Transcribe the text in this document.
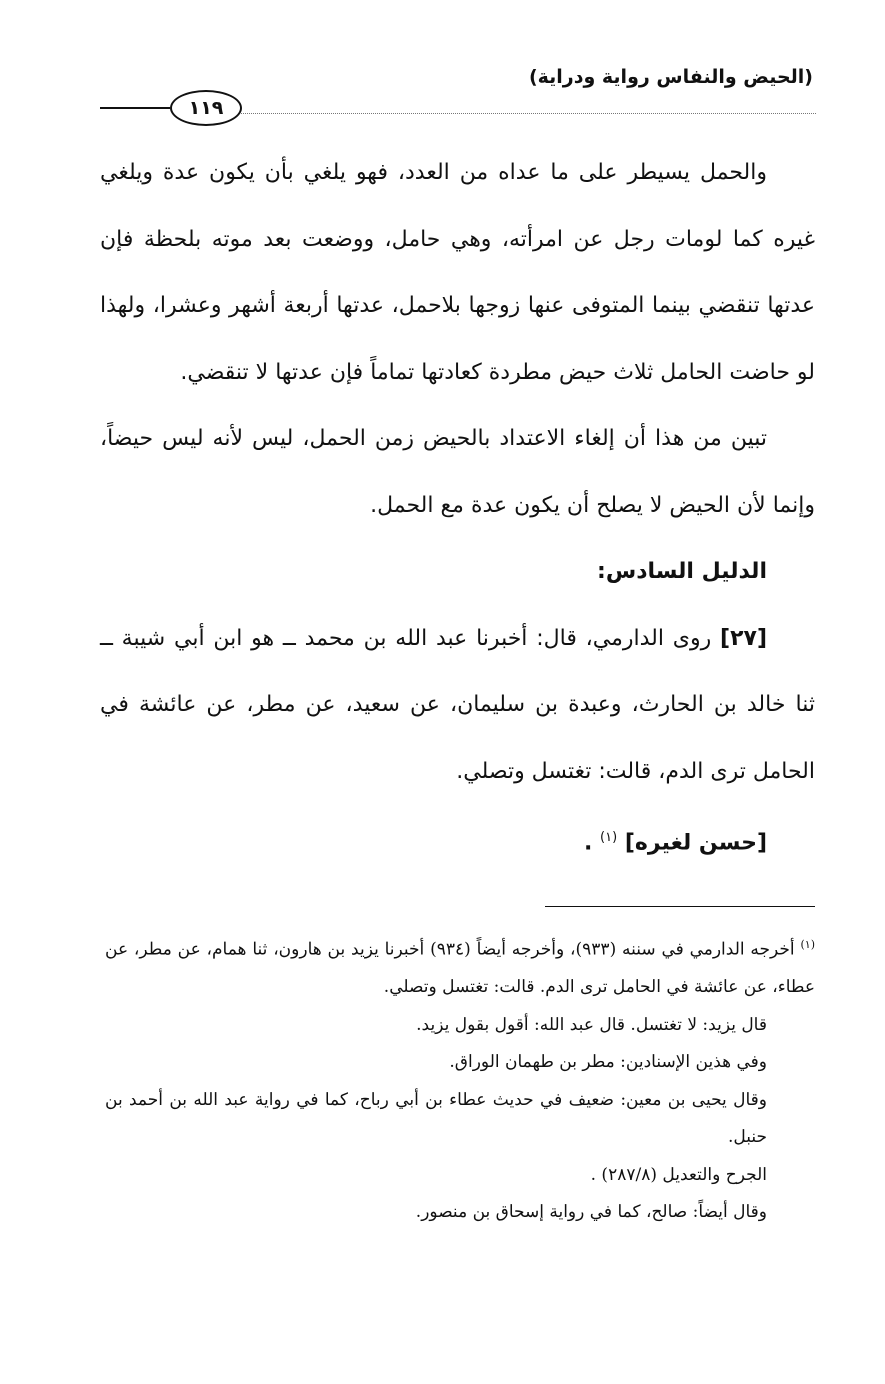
(الحيض والنفاس رواية ودراية)
١١٩

والحمل يسيطر على ما عداه من العدد، فهو يلغي بأن يكون عدة ويلغي غيره كما لومات رجل عن امرأته، وهي حامل، ووضعت بعد موته بلحظة فإن عدتها تنقضي بينما المتوفى عنها زوجها بلاحمل، عدتها أربعة أشهر وعشرا، ولهذا لو حاضت الحامل ثلاث حيض مطردة كعادتها تماماً فإن عدتها لا تنقضي.

تبين من هذا أن إلغاء الاعتداد بالحيض زمن الحمل، ليس لأنه ليس حيضاً، وإنما لأن الحيض لا يصلح أن يكون عدة مع الحمل.

الدليل السادس:

[٢٧] روى الدارمي، قال: أخبرنا عبد الله بن محمد ــ هو ابن أبي شيبة ــ ثنا خالد بن الحارث، وعبدة بن سليمان، عن سعيد، عن مطر، عن عائشة في الحامل ترى الدم، قالت: تغتسل وتصلي.

[حسن لغيره] $^{(١)}$ .

$^{(١)}$ أخرجه الدارمي في سننه (٩٣٣)، وأخرجه أيضاً (٩٣٤) أخبرنا يزيد بن هارون، ثنا همام، عن مطر، عن عطاء، عن عائشة في الحامل ترى الدم. قالت: تغتسل وتصلي.

قال يزيد: لا تغتسل. قال عبد الله: أقول بقول يزيد.

وفي هذين الإسنادين: مطر بن طهمان الوراق.

وقال يحيى بن معين: ضعيف في حديث عطاء بن أبي رباح، كما في رواية عبد الله بن أحمد بن حنبل.

الجرح والتعديل (٢٨٧/٨) .

وقال أيضاً: صالح، كما في رواية إسحاق بن منصور.
